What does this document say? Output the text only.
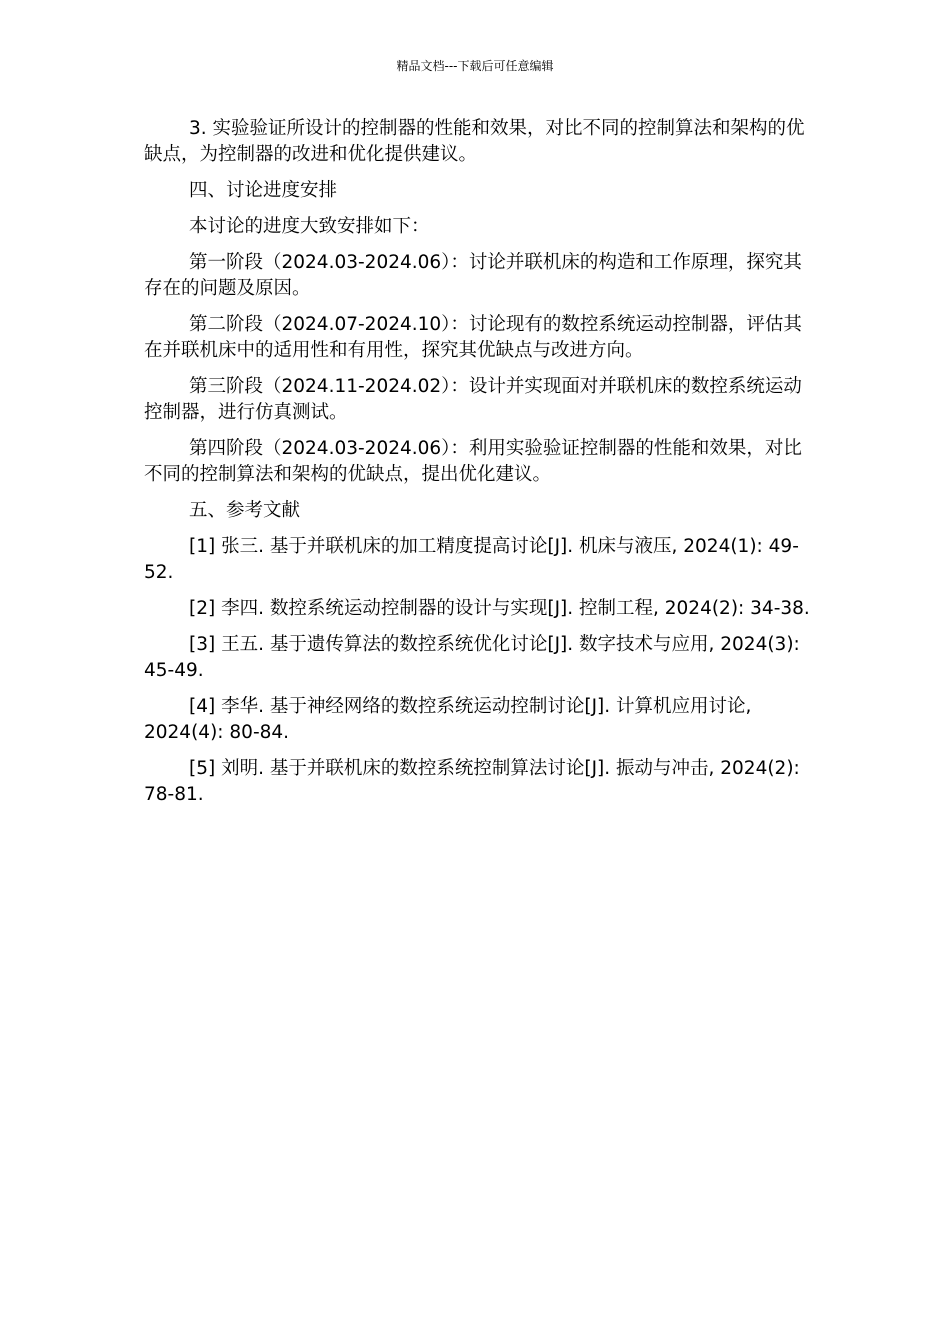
精品文档---下载后可任意编辑

3. 实验验证所设计的控制器的性能和效果，对比不同的控制算法和架构的优缺点，为控制器的改进和优化提供建议。

四、讨论进度安排

本讨论的进度大致安排如下：

第一阶段（2024.03-2024.06）：讨论并联机床的构造和工作原理，探究其存在的问题及原因。

第二阶段（2024.07-2024.10）：讨论现有的数控系统运动控制器，评估其在并联机床中的适用性和有用性，探究其优缺点与改进方向。

第三阶段（2024.11-2024.02）：设计并实现面对并联机床的数控系统运动控制器，进行仿真测试。

第四阶段（2024.03-2024.06）：利用实验验证控制器的性能和效果，对比不同的控制算法和架构的优缺点，提出优化建议。

五、参考文献

[1] 张三. 基于并联机床的加工精度提高讨论[J]. 机床与液压, 2024(1): 49-52.

[2] 李四. 数控系统运动控制器的设计与实现[J]. 控制工程, 2024(2): 34-38.

[3] 王五. 基于遗传算法的数控系统优化讨论[J]. 数字技术与应用, 2024(3): 45-49.

[4] 李华. 基于神经网络的数控系统运动控制讨论[J]. 计算机应用讨论, 2024(4): 80-84.

[5] 刘明. 基于并联机床的数控系统控制算法讨论[J]. 振动与冲击, 2024(2): 78-81.
